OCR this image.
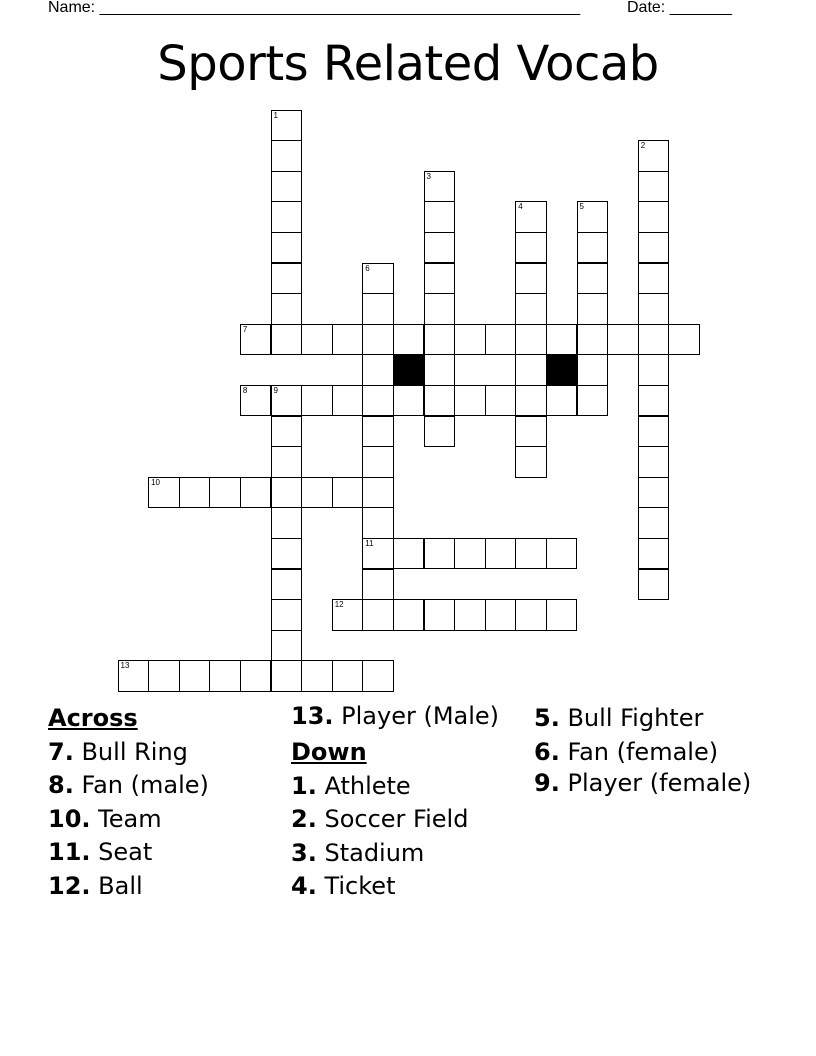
Name: ______________________________________________________	Date: _______
Sports Related Vocab
1
2
3
4	5
6
11
7
8	9
10
12
13
Across
7. Bull Ring
8. Fan (male)
10. Team
11. Seat
12. Ball
13. Player (Male)
Down
1. Athlete
2. Soccer Field
3. Stadium
4. Ticket
5. Bull Fighter
6. Fan (female)
9. Player (female)
